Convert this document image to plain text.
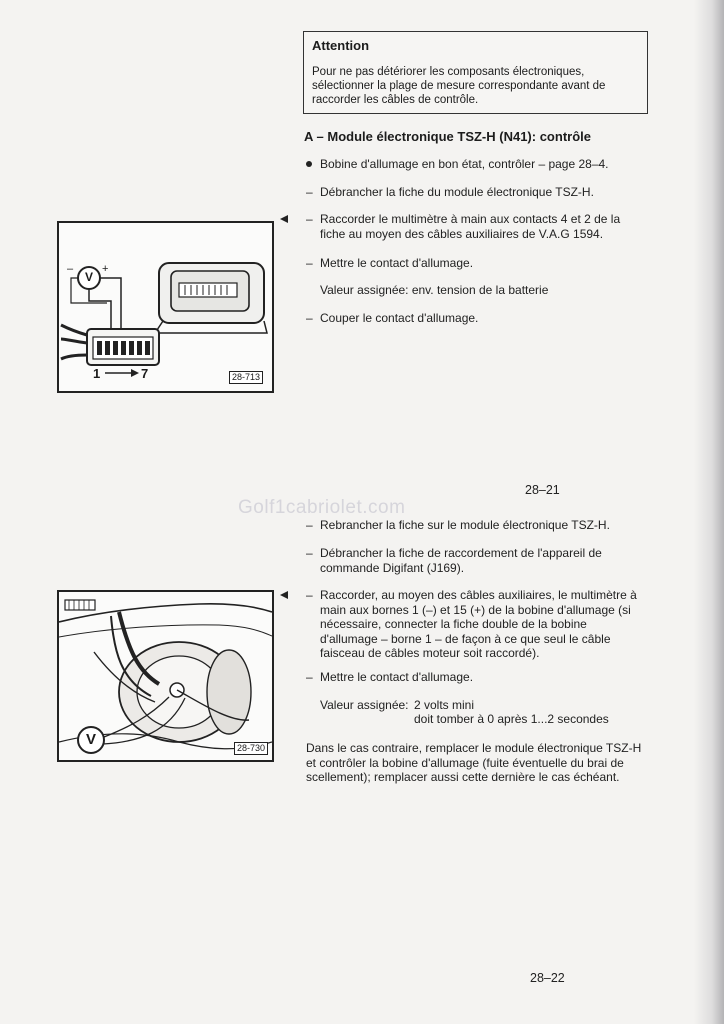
Golf1cabriolet.com
Attention
Pour ne pas détériorer les composants électroniques, sélectionner la plage de mesure correspondante avant de raccorder les câbles de contrôle.
A – Module électronique TSZ-H (N41): contrôle
Bobine d'allumage en bon état, contrôler – page 28–4.
– Débrancher la fiche du module électronique TSZ-H.
– Raccorder le multimètre à main aux contacts 4 et 2 de la fiche au moyen des câbles auxiliaires de V.A.G 1594.
– Mettre le contact d'allumage.
Valeur assignée: env. tension de la batterie
– Couper le contact d'allumage.
V
–	+
1	7	28-713
28–21
– Rebrancher la fiche sur le module électronique TSZ-H.
– Débrancher la fiche de raccordement de l'appareil de commande Digifant (J169).
– Raccorder, au moyen des câbles auxiliaires, le multimètre à main aux bornes 1 (–) et 15 (+) de la bobine d'allumage (si nécessaire, connecter la fiche double de la bobine d'allumage – borne 1 – de façon à ce que seul le câble faisceau de câbles moteur soit raccordé).
– Mettre le contact d'allumage.
Valeur assignée: 2 volts mini
doit tomber à 0 après 1...2 secondes
Dans le cas contraire, remplacer le module électronique TSZ-H et contrôler la bobine d'allumage (fuite éventuelle du brai de scellement); remplacer aussi cette dernière le cas échéant.
V	28-730
28–22
